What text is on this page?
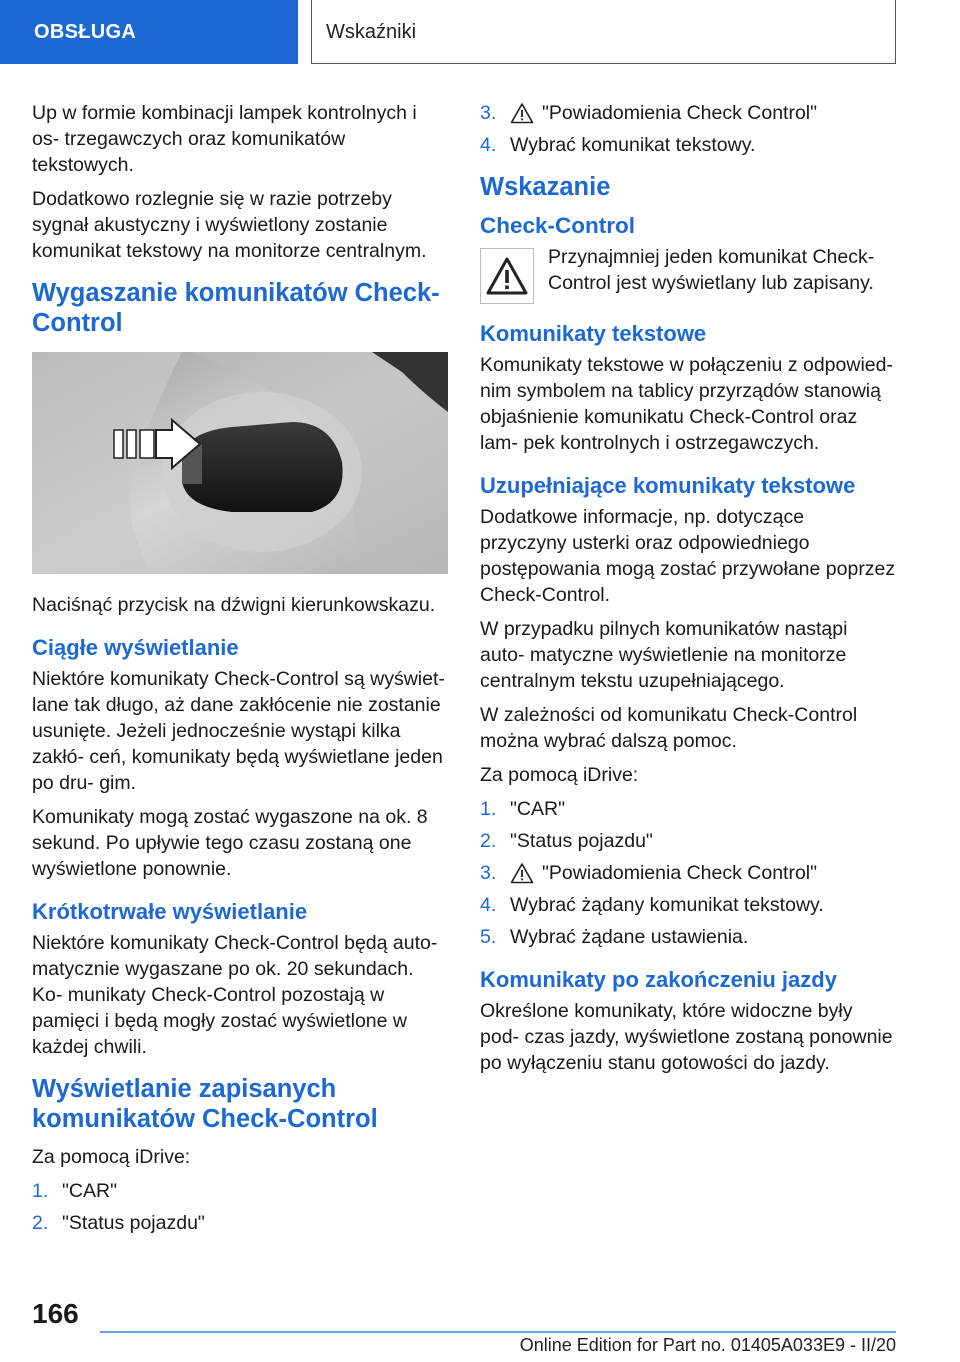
OBSŁUGA	Wskaźniki

Up w formie kombinacji lampek kontrolnych i os- trzegawczych oraz komunikatów tekstowych.

Dodatkowo rozlegnie się w razie potrzeby sygnał akustyczny i wyświetlony zostanie komunikat tekstowy na monitorze centralnym.

Wygaszanie komunikatów Check-Control

Naciśnąć przycisk na dźwigni kierunkowskazu.

Ciągłe wyświetlanie

Niektóre komunikaty Check-Control są wyświet- lane tak długo, aż dane zakłócenie nie zostanie usunięte. Jeżeli jednocześnie wystąpi kilka zakłó- ceń, komunikaty będą wyświetlane jeden po dru- gim.

Komunikaty mogą zostać wygaszone na ok. 8 sekund. Po upływie tego czasu zostaną one wyświetlone ponownie.

Krótkotrwałe wyświetlanie

Niektóre komunikaty Check-Control będą auto- matycznie wygaszane po ok. 20 sekundach. Ko- munikaty Check-Control pozostają w pamięci i będą mogły zostać wyświetlone w każdej chwili.

Wyświetlanie zapisanych komunikatów Check-Control

Za pomocą iDrive:

1. "CAR"
2. "Status pojazdu"
3.	"Powiadomienia Check Control"
4. Wybrać komunikat tekstowy.
Wskazanie
Check-Control

Przynajmniej jeden komunikat Check- Control jest wyświetlany lub zapisany.

Komunikaty tekstowe

Komunikaty tekstowe w połączeniu z odpowied- nim symbolem na tablicy przyrządów stanowią objaśnienie komunikatu Check-Control oraz lam- pek kontrolnych i ostrzegawczych.

Uzupełniające komunikaty tekstowe

Dodatkowe informacje, np. dotyczące przyczyny usterki oraz odpowiedniego postępowania mogą zostać przywołane poprzez Check-Control.

W przypadku pilnych komunikatów nastąpi auto- matyczne wyświetlenie na monitorze centralnym tekstu uzupełniającego.

W zależności od komunikatu Check-Control można wybrać dalszą pomoc.

Za pomocą iDrive:

1. "CAR"
2. "Status pojazdu"
3.	"Powiadomienia Check Control"
4. Wybrać żądany komunikat tekstowy.
5. Wybrać żądane ustawienia.
Komunikaty po zakończeniu jazdy

Określone komunikaty, które widoczne były pod- czas jazdy, wyświetlone zostaną ponownie po wyłączeniu stanu gotowości do jazdy.

166
Online Edition for Part no. 01405A033E9 - II/20
